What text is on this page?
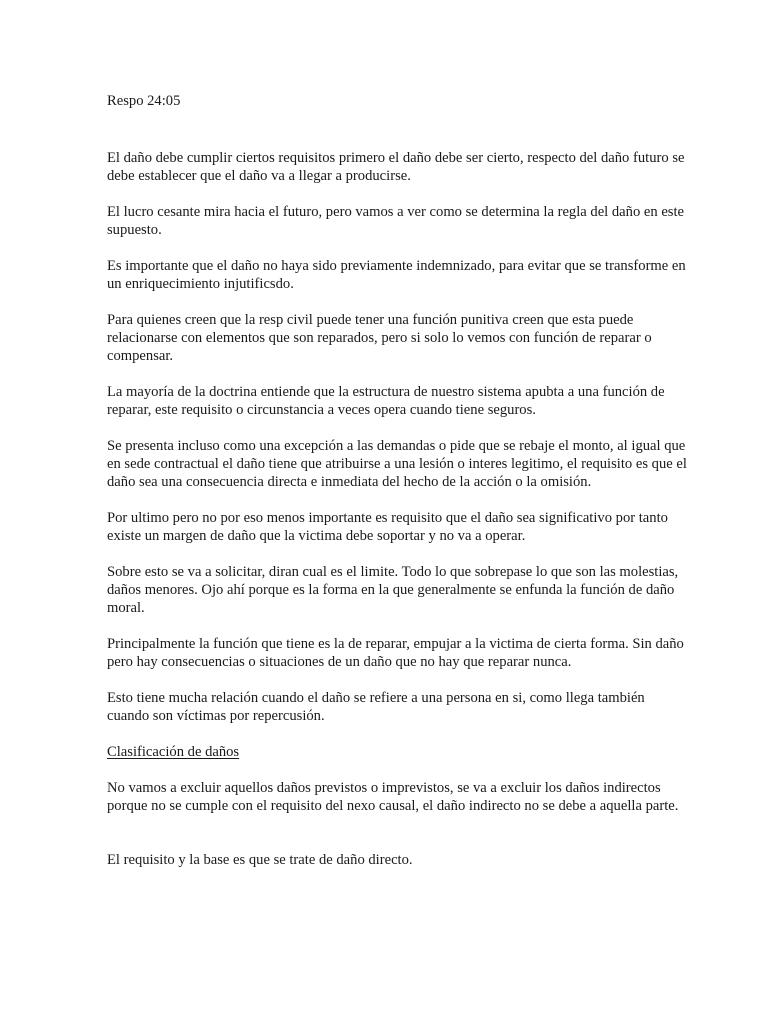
Respo 24:05

El daño debe cumplir ciertos requisitos primero el daño debe ser cierto, respecto del daño futuro se debe establecer que el daño va a llegar a producirse.

El lucro cesante mira hacia el futuro, pero vamos a ver como se determina la regla del daño en este supuesto.

Es importante que el daño no haya sido previamente indemnizado, para evitar que se transforme en un enriquecimiento injutificsdo.

Para quienes creen que la resp civil puede tener una función punitiva creen que esta puede relacionarse con elementos que son reparados, pero si solo lo vemos con función de reparar o compensar.

La mayoría de la doctrina entiende que la estructura de nuestro sistema apubta a una función de reparar, este requisito o circunstancia a veces opera cuando tiene seguros.

Se presenta incluso como una excepción a las demandas o pide que se rebaje el monto, al igual que en sede contractual el daño tiene que atribuirse a una lesión o interes legitimo, el requisito es que el daño sea una consecuencia directa e inmediata del hecho de la acción o la omisión.

Por ultimo pero no por eso menos importante es requisito que el daño sea significativo por tanto existe un margen de daño que la victima debe soportar y no va a operar.

Sobre esto se va a solicitar, diran cual es el limite. Todo lo que sobrepase lo que son las molestias, daños menores. Ojo ahí porque es la forma en la que generalmente se enfunda la función de daño moral.

Principalmente la función que tiene es la de reparar, empujar a la victima de cierta forma. Sin daño pero hay consecuencias o situaciones de un daño que no hay que reparar nunca.

Esto tiene mucha relación cuando el daño se refiere a una persona en si, como llega también cuando son víctimas por repercusión.

Clasificación de daños

No vamos a excluir aquellos daños previstos o imprevistos, se va a excluir los daños indirectos porque no se cumple con el requisito del nexo causal, el daño indirecto no se debe a aquella parte.

El requisito y la base es que se trate de daño directo.
